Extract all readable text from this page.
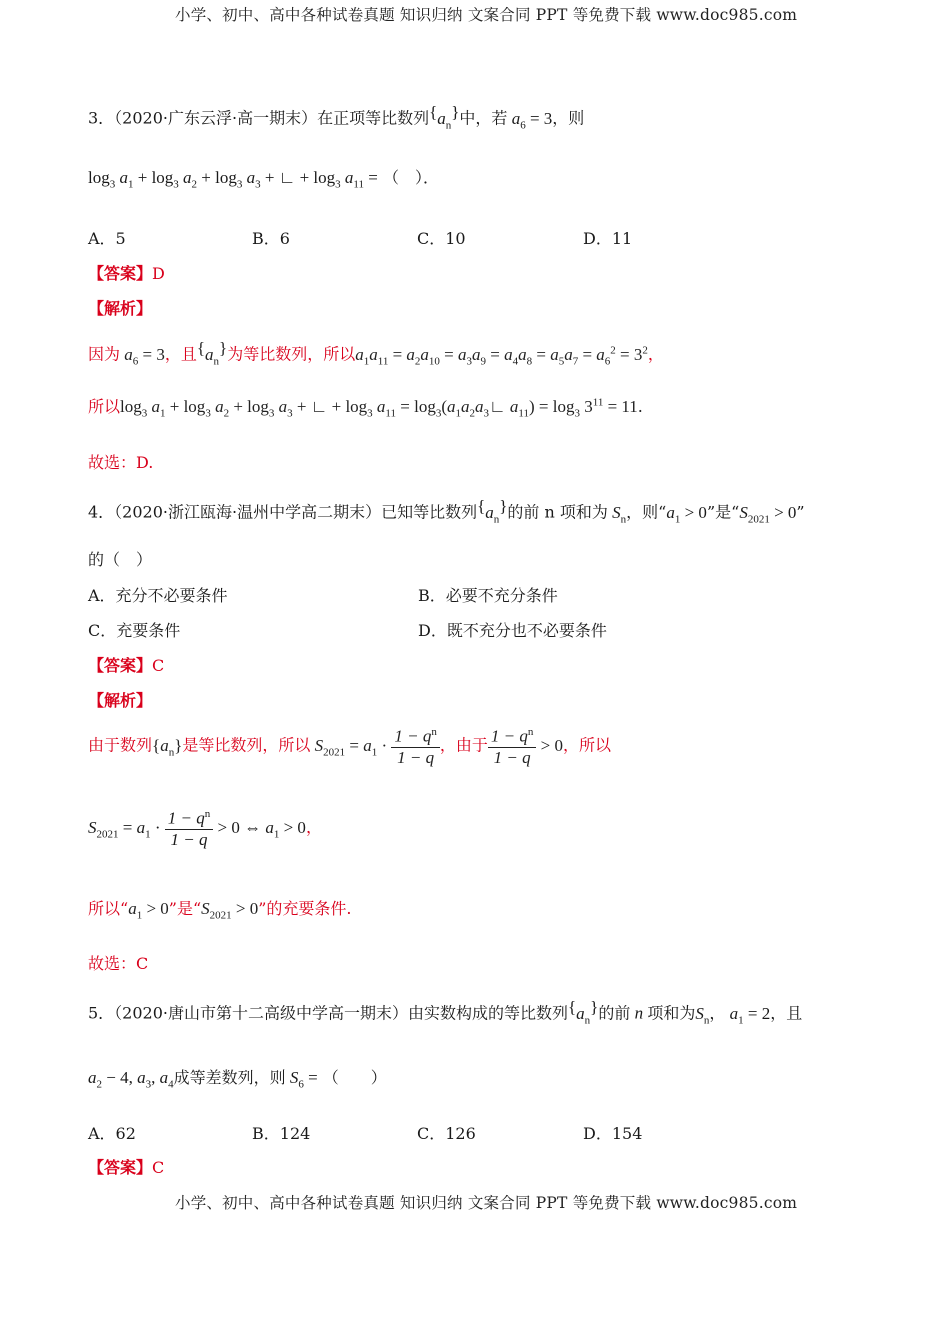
小学、初中、高中各种试卷真题 知识归纳 文案合同 PPT 等免费下载 www.doc985.com
3．（2020·广东云浮·高一期末）在正项等比数列$^{\{}a_n^{\}}$中，若 $a_6 = 3$，则
$\log_3 a_1 + \log_3 a_2 + \log_3 a_3$ + ∟ + $\log_3 a_{11}$ = （　）．
A．5	B．6	C．10	D．11
【答案】D
【解析】
因为 $a_6 = 3$，且$^{\{}a_n^{\}}$为等比数列，所以$a_1a_{11} = a_2a_{10} = a_3a_9 = a_4a_8 = a_5a_7 = a_6^2 = 3^2$，
所以$\log_3 a_1 + \log_3 a_2 + \log_3 a_3$ + ∟ + $\log_3 a_{11}$ = $\log_3(a_1a_2a_3∟$ $a_{11}) = \log_3 3^{11} = 11$.
故选：D.
4．（2020·浙江瓯海·温州中学高二期末）已知等比数列$^{\{}a_n^{\}}$的前 n 项和为 $S_n$，则“$a_1 > 0$”是“$S_{2021} > 0$”
的（　）
A．充分不必要条件	B．必要不充分条件
C．充要条件	D．既不充分也不必要条件
【答案】C
【解析】
由于数列$\{a_n\}$是等比数列，所以 $S_{2021} = a_1 \cdot \frac{1 - q^n}{1 - q}$ ，由于 $\frac{1 - q^n}{1 - q} > 0$，所以
$S_{2021} = a_1 \cdot \frac{1 - q^n}{1 - q} > 0$ ⇔ $a_1 > 0$，
所以“$a_1 > 0$”是“$S_{2021} > 0$”的充要条件.
故选：C
5．（2020·唐山市第十二高级中学高一期末）由实数构成的等比数列$^{\{}a_n^{\}}$的前 n 项和为$S_n$， $a_1 = 2$，且
$a_2 - 4$, $a_3$, $a_4$成等差数列，则 $S_6$ = （　　）
A．62	B．124	C．126	D．154
【答案】C
小学、初中、高中各种试卷真题 知识归纳 文案合同 PPT 等免费下载 www.doc985.com
